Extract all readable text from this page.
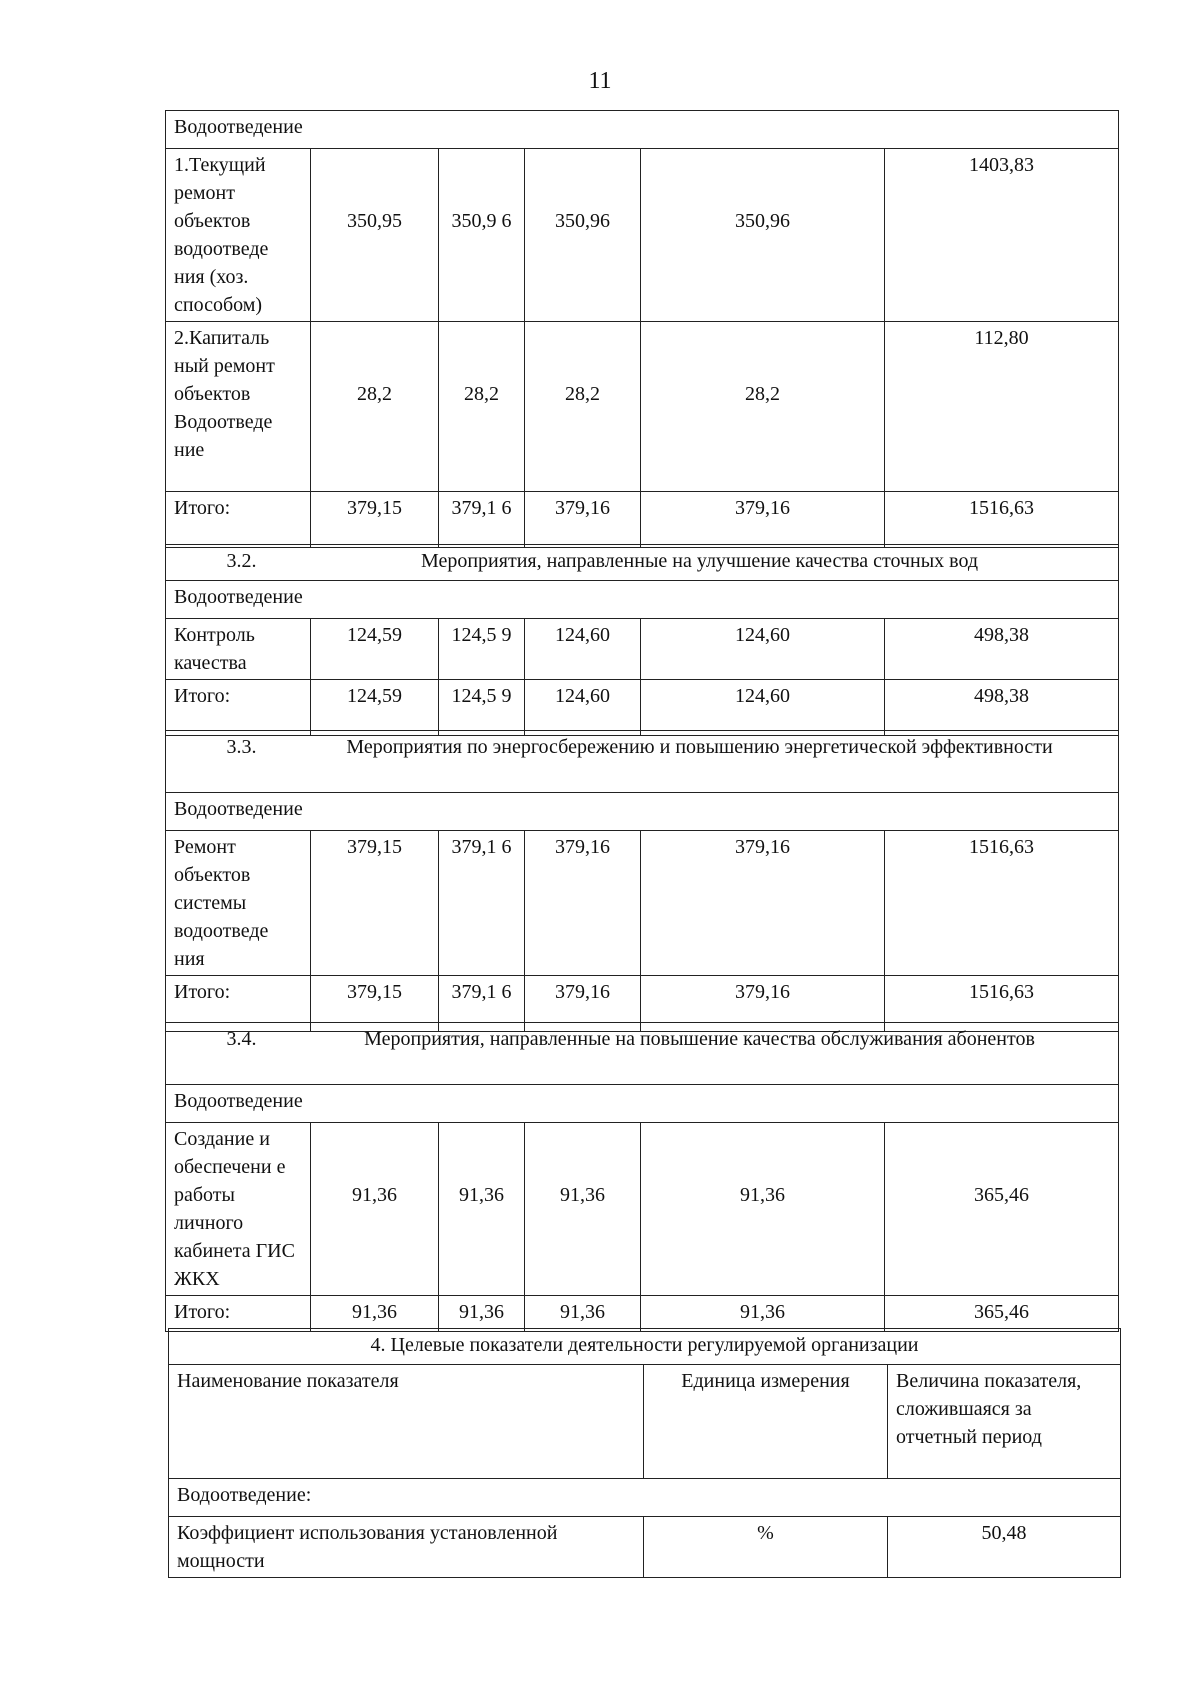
11
Водоотведение					
1.Текущий ремонт объектов водоотведе ния (хоз. способом)	350,95	350,9 6	350,96	350,96	1403,83
2.Капиталь ный ремонт объектов Водоотведе ние	28,2	28,2	28,2	28,2	112,80
Итого:	379,15	379,1 6	379,16	379,16	1516,63
3.2. Мероприятия, направленные на улучшение качества сточных вод					

Водоотведение					
Контроль качества	124,59	124,5 9	124,60	124,60	498,38
Итого:	124,59	124,5 9	124,60	124,60	498,38
3.3. Мероприятия по энергосбережению и повышению энергетической эффективности					

Водоотведение					
Ремонт объектов системы водоотведе ния	379,15	379,1 6	379,16	379,16	1516,63
Итого:	379,15	379,1 6	379,16	379,16	1516,63
3.4. Мероприятия, направленные на повышение качества обслуживания абонентов					

Водоотведение					
Создание и обеспечени е работы личного кабинета ГИС ЖКХ	91,36	91,36	91,36	91,36	365,46
Итого:	91,36	91,36	91,36	91,36	365,46
4. Целевые показатели деятельности регулируемой организации		
Наименование показателя	Единица измерения	Величина показателя, сложившаяся за отчетный период
Водоотведение:		
Коэффициент использования установленной мощности	%	50,48
